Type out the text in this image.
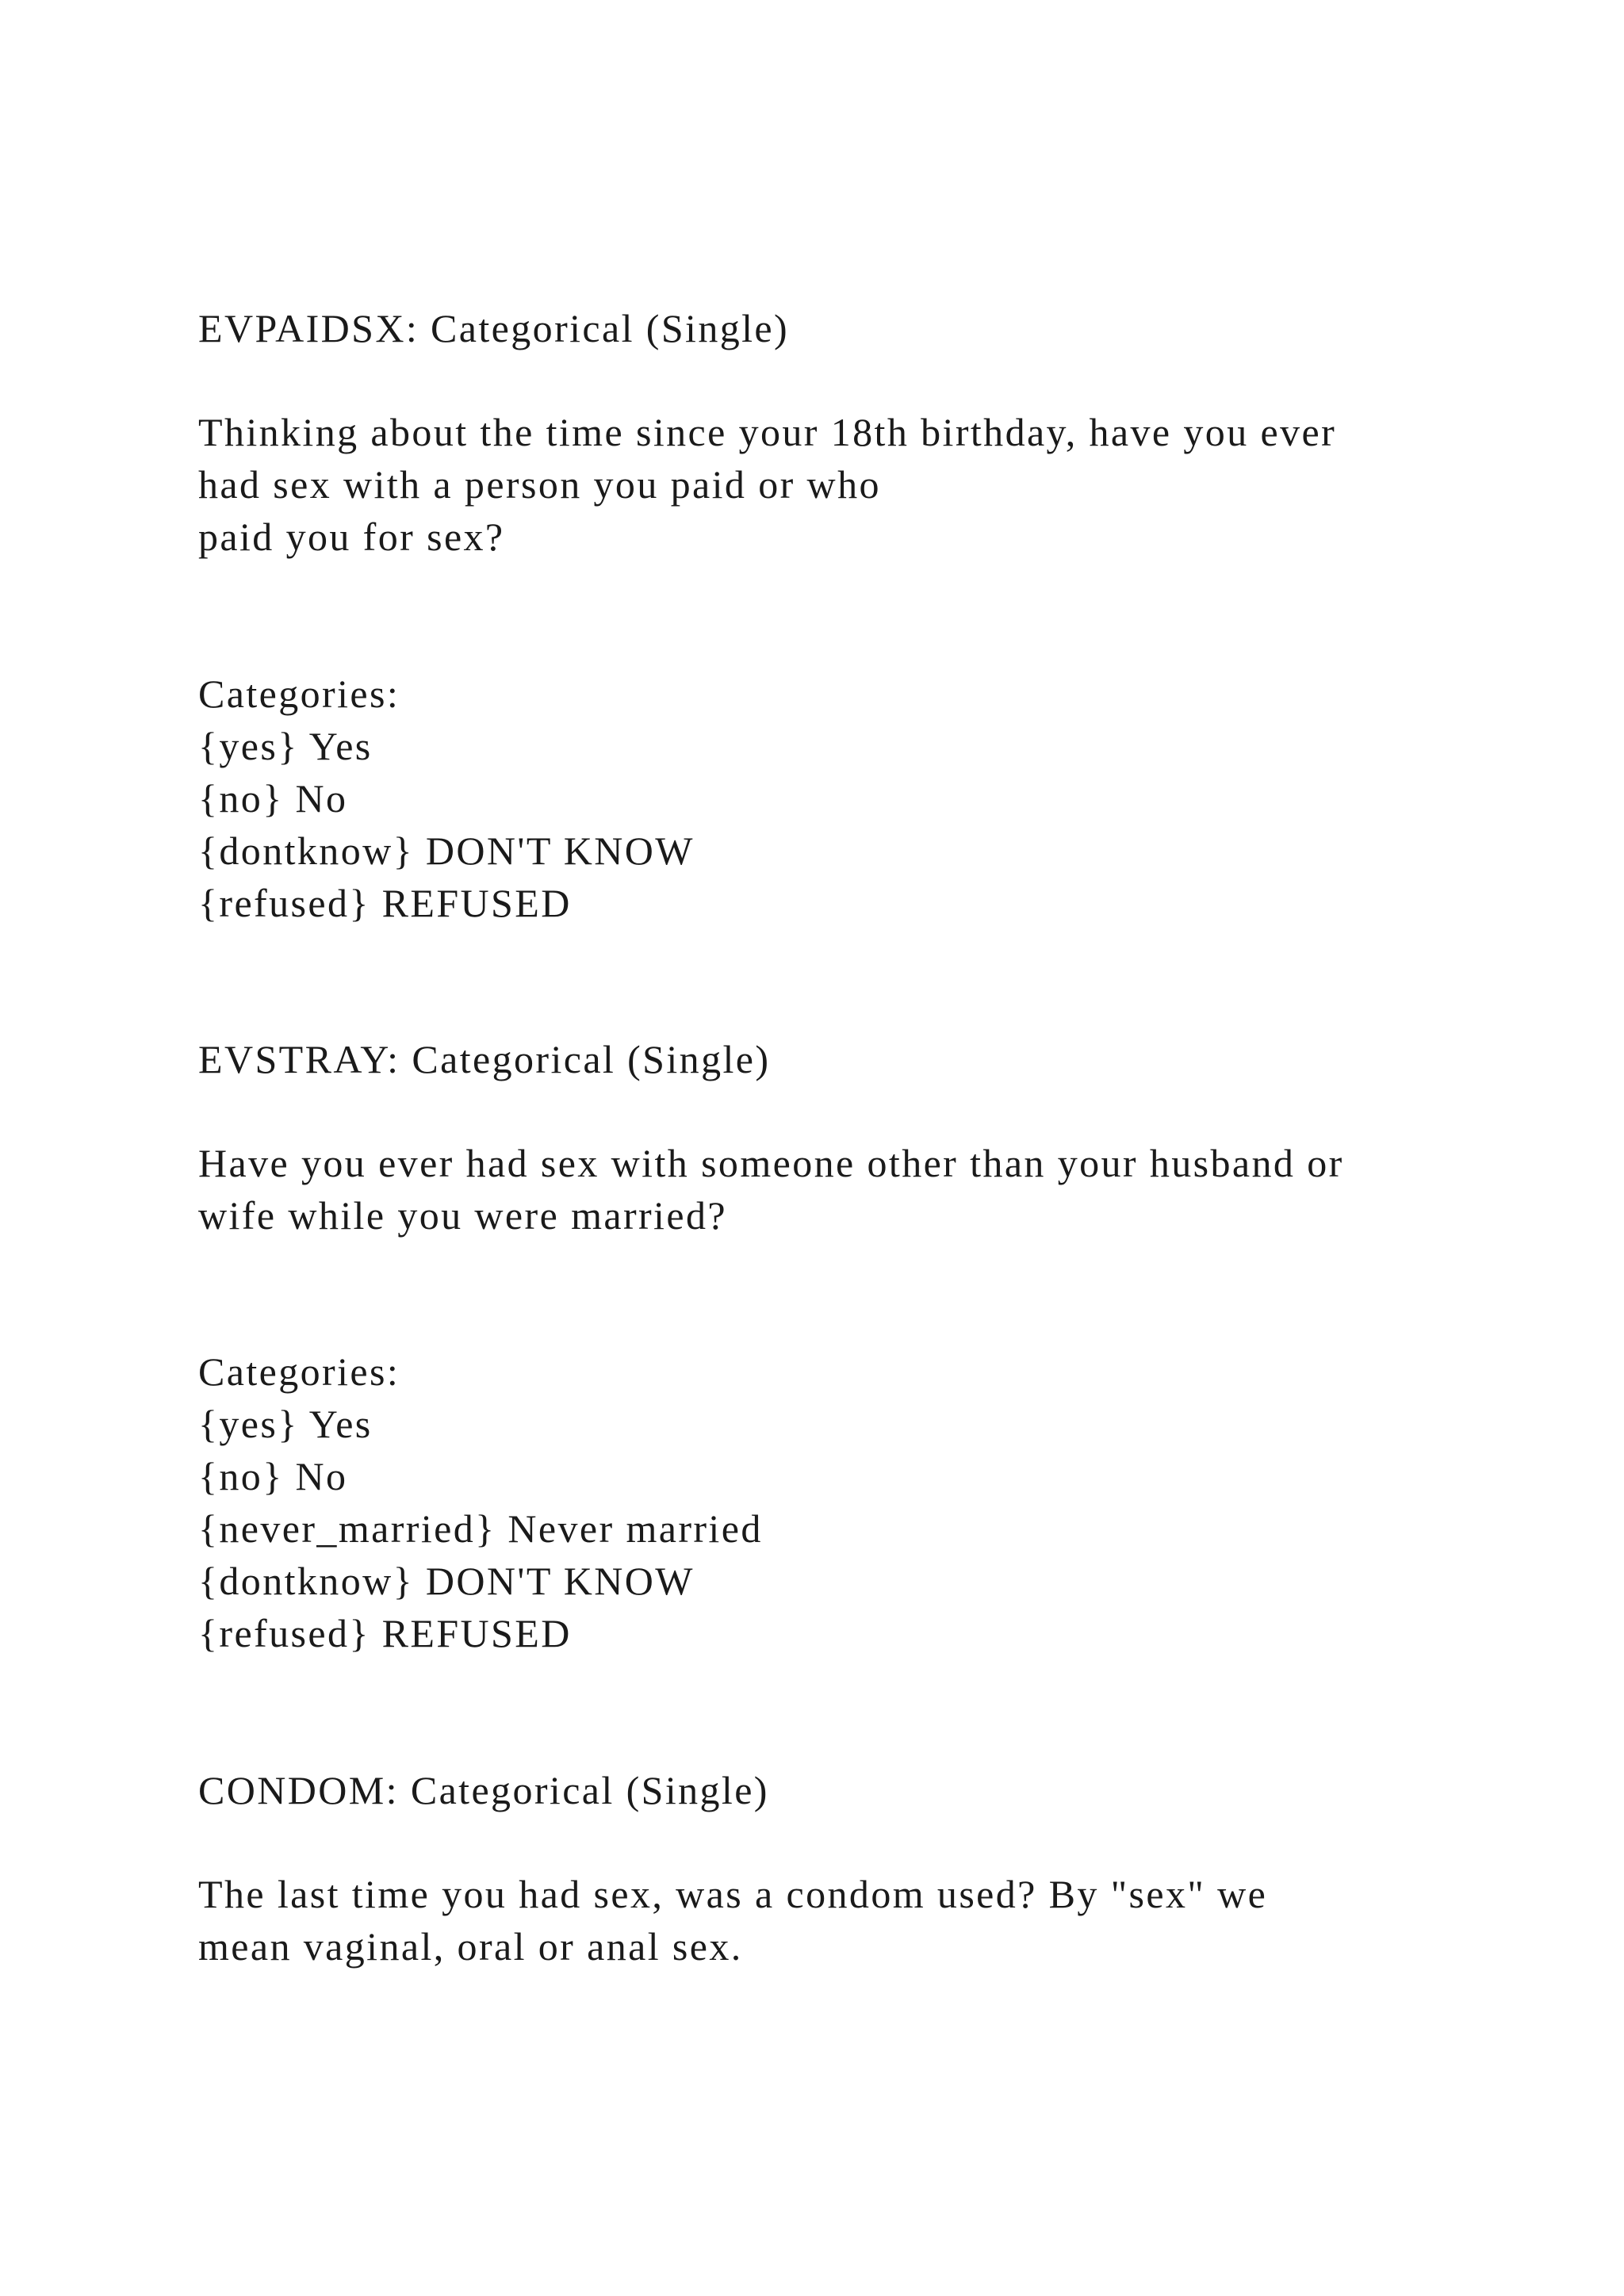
EVPAIDSX: Categorical (Single)
Thinking about the time since your 18th birthday, have you ever
had sex with a person you paid or who
paid you for sex?
Categories:
{yes} Yes
{no} No
{dontknow} DON'T KNOW
{refused} REFUSED
EVSTRAY: Categorical (Single)
Have you ever had sex with someone other than your husband or
wife while you were married?
Categories:
{yes} Yes
{no} No
{never_married} Never married
{dontknow} DON'T KNOW
{refused} REFUSED
CONDOM: Categorical (Single)
The last time you had sex, was a condom used? By "sex" we
mean vaginal, oral or anal sex.
